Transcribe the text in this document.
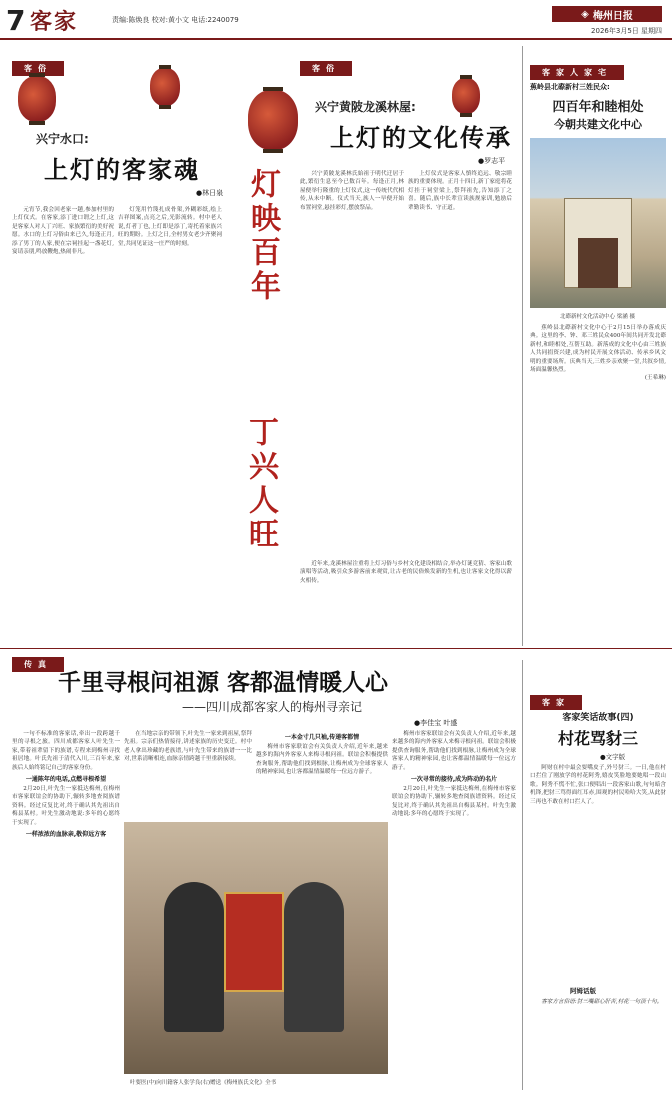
7 客家	责编:陈焕良 校对:黄小文 电话:2240079
◈ 梅州日报
2026年3月5日 星期四
客俗	客俗
兴宁水口:
上灯的客家魂
●林日泉 灯映百年
丁兴人旺
兴宁黄陂龙溪林屋:
上灯的文化传承
●罗志平

元宵节,我会回老家一趟,参加村里的上灯仪式。在客家,添丁进口谓之上灯,这是客家人对人丁兴旺、家族繁衍的美好祝愿。水口的上灯习俗由来已久,每逢正月,添了男丁的人家,便在宗祠挂起一盏花灯,宴请亲朋,鸣放鞭炮,热闹非凡。

灯笼用竹篾扎成骨架,外糊彩纸,绘上吉祥图案,点亮之后,光影流转。村中老人说,灯者丁也,上灯即是添丁,寄托着家族兴旺的期盼。上灯之日,全村男女老少齐聚祠堂,共同见证这一庄严的时刻。

兴宁黄陂龙溪林氏始祖于明代迁居于此,繁衍生息至今已数百年。每逢正月,林屋便举行隆重的上灯仪式,这一传统代代相传,从未中断。仪式当天,族人一早便开始布置祠堂,悬挂彩灯,摆放祭品。

上灯仪式是客家人慎终追远、敬宗睦族的重要体现。正月十四日,新丁家庭将花灯挂于祠堂梁上,祭拜祖先,告知添丁之喜。随后,族中长辈宣读族规家训,勉励后辈勤读书、守正道。

近年来,龙溪林屋注重将上灯习俗与乡村文化建设相结合,举办灯谜竞猜、客家山歌演唱等活动,吸引众多游客前来观赏,让古老的民俗焕发新的生机,也让客家文化得以薪火相传。

客家人家宅
蕉岭县北磜新村三姓民众:
四百年和睦相处
今朝共建文化中心
北磜新村文化活动中心 梁涵 摄

蕉岭县北磜新村文化中心于2月15日举办落成庆典。这里的李、钟、邓三姓民众400年间共同开发北磜新村,和睦相处,互帮互助。新落成的文化中心由三姓族人共同捐资兴建,成为村民开展文体活动、传承乡风文明的重要场所。庆典当天,三姓乡亲欢聚一堂,共叙乡情,场面温馨热烈。

(王希琳)

传真
千里寻根问祖源 客都温情暖人心
——四川成都客家人的梅州寻亲记
●李佳宝 叶盛

一句不标准的客家话,牵出一段跨越千里的寻根之旅。四川成都客家人叶先生一家,带着祖辈留下的族谱,专程来到梅州寻找祖居地。叶氏先祖于清代入川,三百年来,家族后人始终铭记自己的客家身份。

一通陈年的电话,点燃寻根希望

2月20日,叶先生一家抵达梅州,在梅州市客家联谊会的协助下,辗转多地查阅族谱资料。经过反复比对,终于确认其先祖出自梅县某村。叶先生激动地说:多年的心愿终于实现了。

一样浓浓的血脉亲,敬仰远方客

在当地宗亲的带领下,叶先生一家来到祖屋,祭拜先祖。宗亲们热情接待,讲述家族的历史变迁。村中老人拿出珍藏的老族谱,与叶先生带来的族谱一一比对,世系清晰相连,血脉亲情跨越千里重新接续。

一本金寸几只袖,传递客都情

梅州市客家联谊会有关负责人介绍,近年来,越来越多的海内外客家人来梅寻根问祖。联谊会积极提供查询服务,帮助他们找到根脉,让梅州成为全球客家人的精神家园,也让客都温情温暖每一位远方游子。

梅州市客家联谊会有关负责人介绍,近年来,越来越多的海内外客家人来梅寻根问祖。联谊会积极提供查询服务,帮助他们找到根脉,让梅州成为全球客家人的精神家园,也让客都温情温暖每一位远方游子。

一次寻常的接待,成为阵动的名片

2月20日,叶先生一家抵达梅州,在梅州市客家联谊会的协助下,辗转多地查阅族谱资料。经过反复比对,终于确认其先祖出自梅县某村。叶先生激动地说:多年的心愿终于实现了。

叶要医(中)向川籍客人张学良(右)赠送《梅州族氏文化》全书
客家
客家笑话故事(四)
村花骂豺三
●文字版

阿财在村中最会耍嘴皮子,外号豺三。一日,他在村口拦住了刚放学的村花阿秀,嬉皮笑脸地要她唱一段山歌。阿秀不慌不忙,张口便唱出一段客家山歌,句句暗含机锋,把豺三骂得面红耳赤,围观的村民哈哈大笑,从此豺三再也不敢在村口拦人了。

阿姆话版

客家方言俗语:豺三嘴甜心肝苦,村花一句顶十句。
